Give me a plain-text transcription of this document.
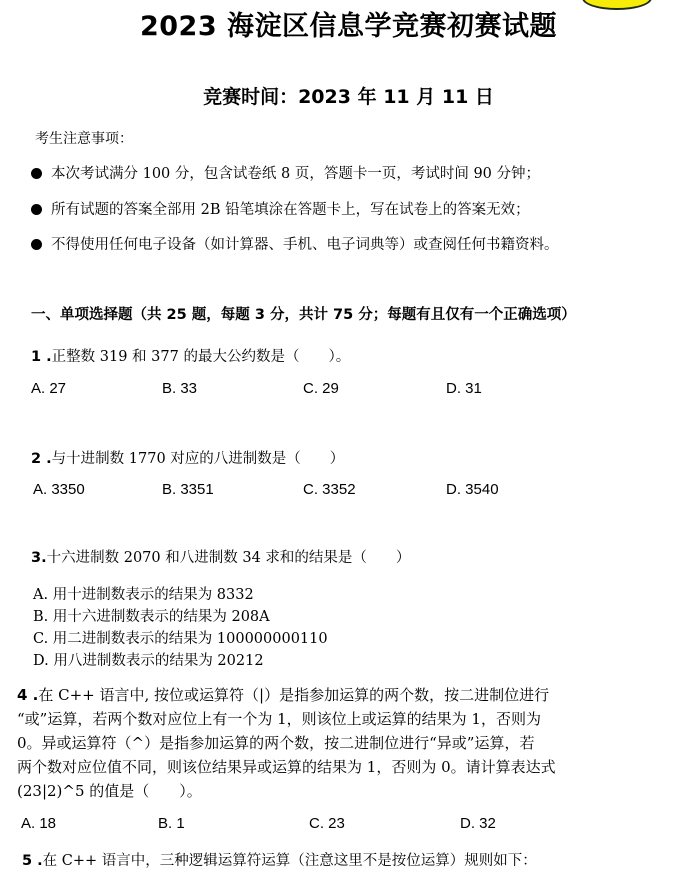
2023 海淀区信息学竞赛初赛试题
竞赛时间：2023 年 11 月 11 日
考生注意事项：
本次考试满分 100 分，包含试卷纸 8 页，答题卡一页，考试时间 90 分钟；
所有试题的答案全部用 2B 铅笔填涂在答题卡上，写在试卷上的答案无效；
不得使用任何电子设备（如计算器、手机、电子词典等）或查阅任何书籍资料。
一、单项选择题（共 25 题，每题 3 分，共计 75 分；每题有且仅有一个正确选项）
1 .正整数 319 和 377 的最大公约数是（　　）。
A. 27	B. 33	C. 29	D. 31
2 .与十进制数 1770 对应的八进制数是（　　）
A. 3350	B. 3351	C. 3352	D. 3540
3.十六进制数 2070 和八进制数 34 求和的结果是（　　）
A. 用十进制数表示的结果为 8332
B. 用十六进制数表示的结果为 208A
C. 用二进制数表示的结果为 100000000110
D. 用八进制数表示的结果为 20212
4 .在 C++ 语言中, 按位或运算符（|）是指参加运算的两个数，按二进制位进行
“或”运算，若两个数对应位上有一个为 1，则该位上或运算的结果为 1，否则为
0。异或运算符（^）是指参加运算的两个数，按二进制位进行“异或”运算，若
两个数对应位值不同，则该位结果异或运算的结果为 1，否则为 0。请计算表达式
(23|2)^5 的值是（　　）。
A. 18	B. 1	C. 23	D. 32
5 .在 C++ 语言中，三种逻辑运算符运算（注意这里不是按位运算）规则如下：
